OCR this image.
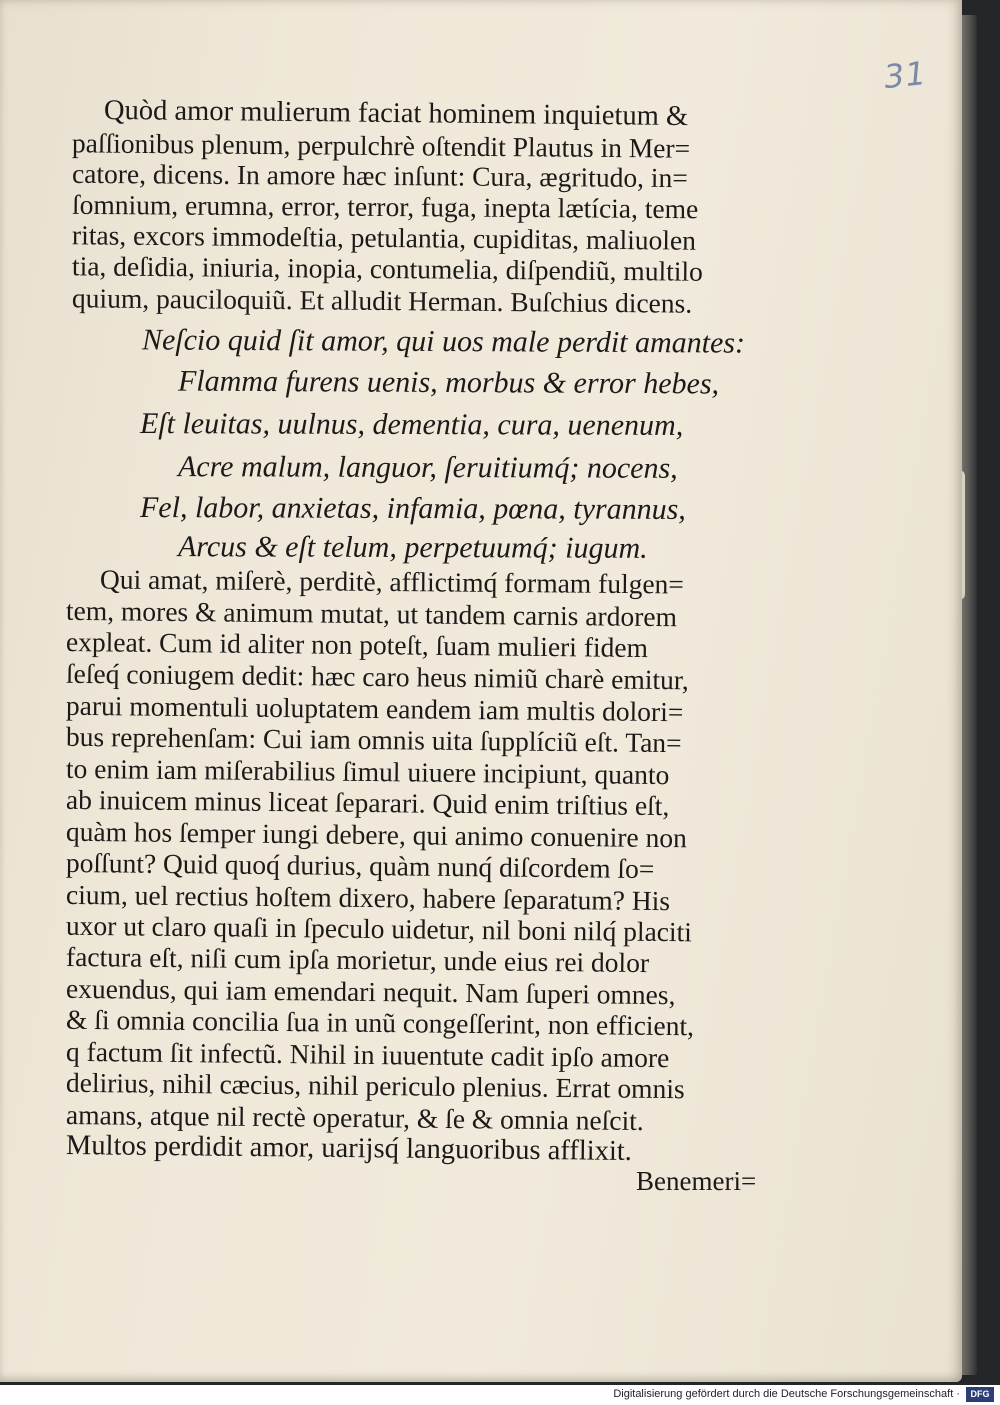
31
Quòd amor mulierum faciat hominem inquietum &
paſſionibus plenum, perpulchrè oſtendit Plautus in Mer=
catore, dicens. In amore hæc inſunt: Cura, ægritudo, in=
ſomnium, erumna, error, terror, fuga, inepta lætícia, teme
ritas, excors immodeſtia, petulantia, cupiditas, maliuolen
tia, deſidia, iniuria, inopia, contumelia, diſpendiũ, multilo
quium, pauciloquiũ. Et alludit Herman. Buſchius dicens.
Neſcio quid ſit amor, qui uos male perdit amantes:
Flamma furens uenis, morbus & error hebes,
Eſt leuitas, uulnus, dementia, cura, uenenum,
Acre malum, languor, ſeruitiumq́; nocens,
Fel, labor, anxietas, infamia, pœna, tyrannus,
Arcus & eſt telum, perpetuumq́; iugum.
Qui amat, miſerè, perditè, afflictimq́ formam fulgen=
tem, mores & animum mutat, ut tandem carnis ardorem
expleat. Cum id aliter non poteſt, ſuam mulieri fidem
ſeſeq́ coniugem dedit: hæc caro heus nimiũ charè emitur,
parui momentuli uoluptatem eandem iam multis dolori=
bus reprehenſam: Cui iam omnis uita ſupplíciũ eſt. Tan=
to enim iam miſerabilius ſimul uiuere incipiunt, quanto
ab inuicem minus liceat ſeparari. Quid enim triſtius eſt,
quàm hos ſemper iungi debere, qui animo conuenire non
poſſunt? Quid quoq́ durius, quàm nunq́ diſcordem ſo=
cium, uel rectius hoſtem dixero, habere ſeparatum? His
uxor ut claro quaſi in ſpeculo uidetur, nil boni nilq́ placiti
factura eſt, niſi cum ipſa morietur, unde eius rei dolor
exuendus, qui iam emendari nequit. Nam ſuperi omnes,
& ſi omnia concilia ſua in unũ congeſſerint, non efficient,
q factum ſit infectũ. Nihil in iuuentute cadit ipſo amore
delirius, nihil cæcius, nihil periculo plenius. Errat omnis
amans, atque nil rectè operatur, & ſe & omnia neſcit.
Multos perdidit amor, uarijsq́ languoribus afflixit.
Benemeri=
Digitalisierung gefördert durch die Deutsche Forschungsgemeinschaft ·	DFG
